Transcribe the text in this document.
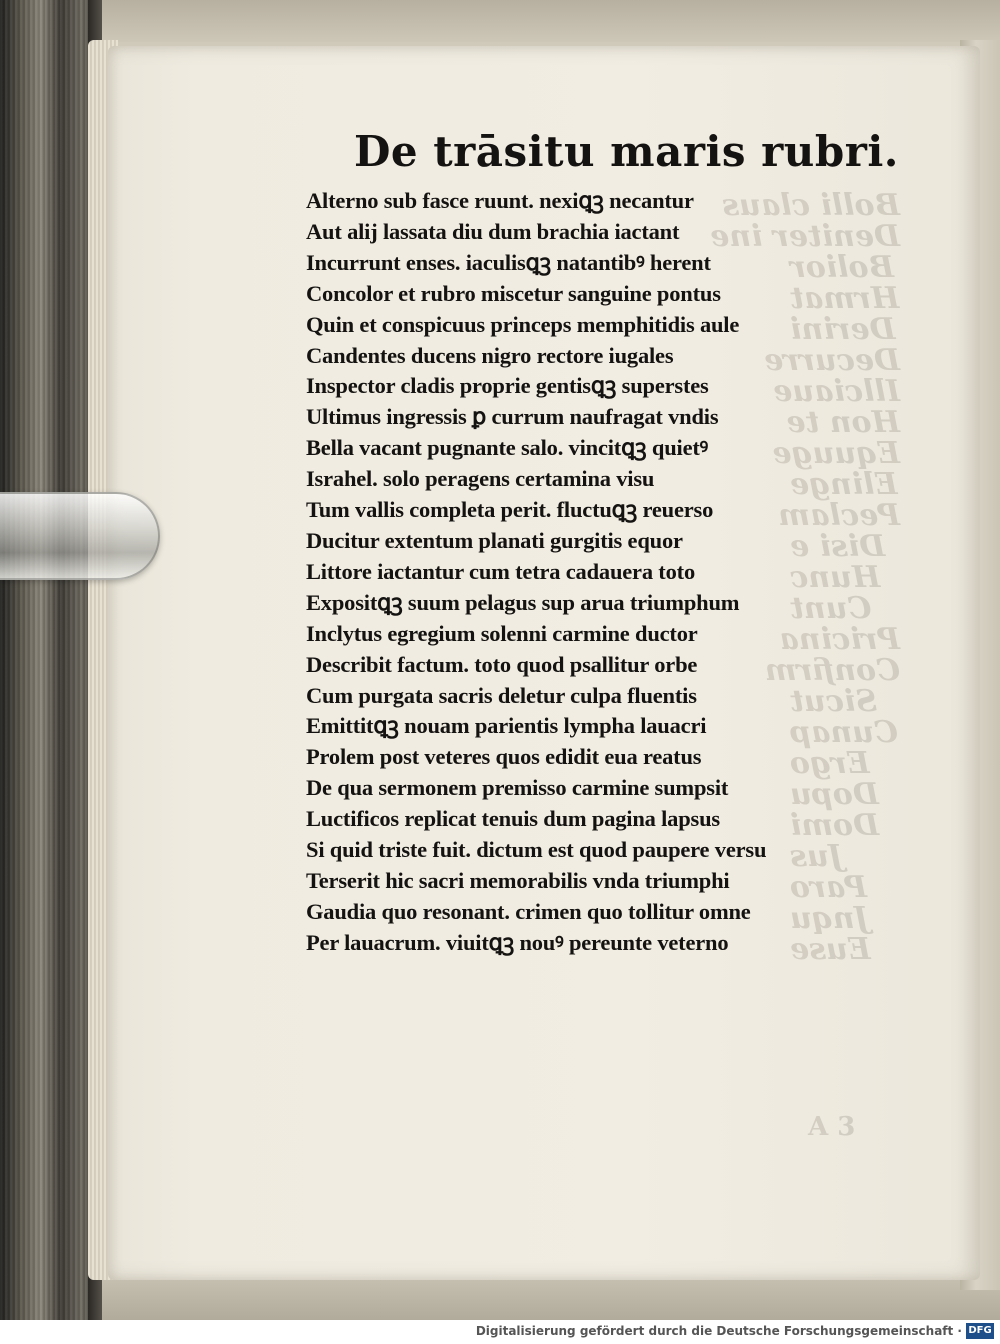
De trāsitu maris rubri.
Alterno sub fasce ruunt. nexiꝗꝫ necantur
Aut alij lassata diu dum brachia iactant
Incurrunt enses. iaculisꝗꝫ natantibꝰ herent
Concolor et rubro miscetur sanguine pontus
Quin et conspicuus princeps memphitidis aule
Candentes ducens nigro rectore iugales
Inspector cladis proprie gentisꝗꝫ superstes
Ultimus ingressis ꝑ currum naufragat vndis
Bella vacant pugnante salo. vincitꝗꝫ quietꝰ
Israhel. solo peragens certamina visu
Tum vallis completa perit. fluctuꝗꝫ reuerso
Ducitur extentum planati gurgitis equor
Littore iactantur cum tetra cadauera toto
Expositꝗꝫ suum pelagus sup arua triumphum
Inclytus egregium solenni carmine ductor
Describit factum. toto quod psallitur orbe
Cum purgata sacris deletur culpa fluentis
Emittitꝗꝫ nouam parientis lympha lauacri
Prolem post veteres quos edidit eua reatus
De qua sermonem premisso carmine sumpsit
Luctificos replicat tenuis dum pagina lapsus
Si quid triste fuit. dictum est quod paupere versu
Terserit hic sacri memorabilis vnda triumphi
Gaudia quo resonant. crimen quo tollitur omne
Per lauacrum. viuitꝗꝫ nouꝰ pereunte veterno
A 3
Digitalisierung gefördert durch die Deutsche Forschungsgemeinschaft · DFG
